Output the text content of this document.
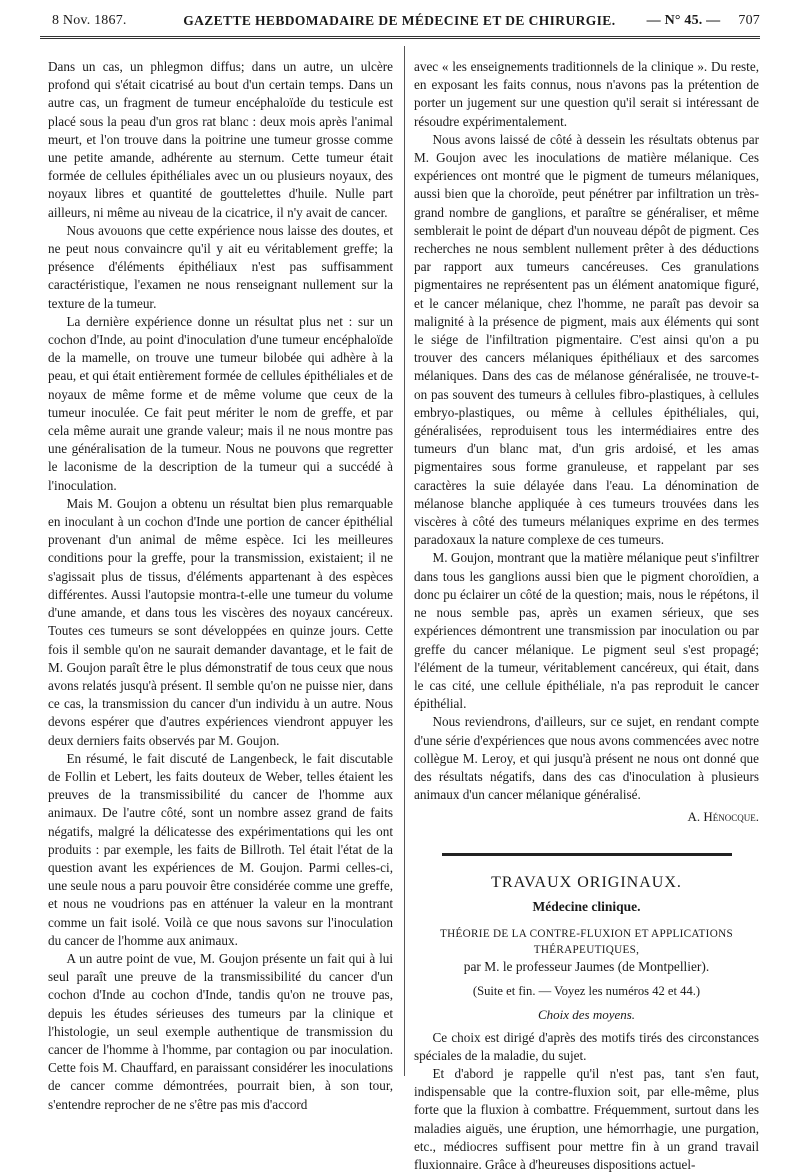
8 Nov. 1867.	GAZETTE HEBDOMADAIRE DE MÉDECINE ET DE CHIRURGIE.	— N° 45. — 707

Dans un cas, un phlegmon diffus; dans un autre, un ulcère profond qui s'était cicatrisé au bout d'un certain temps. Dans un autre cas, un fragment de tumeur encéphaloïde du testicule est placé sous la peau d'un gros rat blanc : deux mois après l'animal meurt, et l'on trouve dans la poitrine une tumeur grosse comme une petite amande, adhérente au sternum. Cette tumeur était formée de cellules épithéliales avec un ou plusieurs noyaux, des noyaux libres et quantité de gouttelettes d'huile. Nulle part ailleurs, ni même au niveau de la cicatrice, il n'y avait de cancer.

Nous avouons que cette expérience nous laisse des doutes, et ne peut nous convaincre qu'il y ait eu véritablement greffe; la présence d'éléments épithéliaux n'est pas suffisamment caractéristique, l'examen ne nous renseignant nullement sur la texture de la tumeur.

La dernière expérience donne un résultat plus net : sur un cochon d'Inde, au point d'inoculation d'une tumeur encéphaloïde de la mamelle, on trouve une tumeur bilobée qui adhère à la peau, et qui était entièrement formée de cellules épithéliales et de noyaux de même forme et de même volume que ceux de la tumeur inoculée. Ce fait peut mériter le nom de greffe, et par cela même aurait une grande valeur; mais il ne nous montre pas une généralisation de la tumeur. Nous ne pouvons que regretter le laconisme de la description de la tumeur qui a succédé à l'inoculation.

Mais M. Goujon a obtenu un résultat bien plus remarquable en inoculant à un cochon d'Inde une portion de cancer épithélial provenant d'un animal de même espèce. Ici les meilleures conditions pour la greffe, pour la transmission, existaient; il ne s'agissait plus de tissus, d'éléments appartenant à des espèces différentes. Aussi l'autopsie montra-t-elle une tumeur du volume d'une amande, et dans tous les viscères des noyaux cancéreux. Toutes ces tumeurs se sont développées en quinze jours. Cette fois il semble qu'on ne saurait demander davantage, et le fait de M. Goujon paraît être le plus démonstratif de tous ceux que nous avons relatés jusqu'à présent. Il semble qu'on ne puisse nier, dans ce cas, la transmission du cancer d'un individu à un autre. Nous devons espérer que d'autres expériences viendront appuyer les deux derniers faits observés par M. Goujon.

En résumé, le fait discuté de Langenbeck, le fait discutable de Follin et Lebert, les faits douteux de Weber, telles étaient les preuves de la transmissibilité du cancer de l'homme aux animaux. De l'autre côté, sont un nombre assez grand de faits négatifs, malgré la délicatesse des expérimentations qui les ont produits : par exemple, les faits de Billroth. Tel était l'état de la question avant les expériences de M. Goujon. Parmi celles-ci, une seule nous a paru pouvoir être considérée comme une greffe, et nous ne voudrions pas en atténuer la valeur en la montrant comme un fait isolé. Voilà ce que nous savons sur l'inoculation du cancer de l'homme aux animaux.

A un autre point de vue, M. Goujon présente un fait qui à lui seul paraît une preuve de la transmissibilité du cancer d'un cochon d'Inde au cochon d'Inde, tandis qu'on ne trouve pas, depuis les études sérieuses des tumeurs par la clinique et l'histologie, un seul exemple authentique de transmission du cancer de l'homme à l'homme, par contagion ou par inoculation. Cette fois M. Chauffard, en paraissant considérer les inoculations de cancer comme démontrées, pourrait bien, à son tour, s'entendre reprocher de ne s'être pas mis d'accord

avec « les enseignements traditionnels de la clinique ». Du reste, en exposant les faits connus, nous n'avons pas la prétention de porter un jugement sur une question qu'il serait si intéressant de résoudre expérimentalement.

Nous avons laissé de côté à dessein les résultats obtenus par M. Goujon avec les inoculations de matière mélanique. Ces expériences ont montré que le pigment de tumeurs mélaniques, aussi bien que la choroïde, peut pénétrer par infiltration un très-grand nombre de ganglions, et paraître se généraliser, et même semblerait le point de départ d'un nouveau dépôt de pigment. Ces recherches ne nous semblent nullement prêter à des déductions par rapport aux tumeurs cancéreuses. Ces granulations pigmentaires ne représentent pas un élément anatomique figuré, et le cancer mélanique, chez l'homme, ne paraît pas devoir sa malignité à la présence de pigment, mais aux éléments qui sont le siége de l'infiltration pigmentaire. C'est ainsi qu'on a pu trouver des cancers mélaniques épithéliaux et des sarcomes mélaniques. Dans des cas de mélanose généralisée, ne trouve-t-on pas souvent des tumeurs à cellules fibro-plastiques, à cellules embryo-plastiques, ou même à cellules épithéliales, qui, généralisées, reproduisent tous les intermédiaires entre des tumeurs d'un blanc mat, d'un gris ardoisé, et les amas pigmentaires sous forme granuleuse, et rappelant par ses caractères la suie délayée dans l'eau. La dénomination de mélanose blanche appliquée à ces tumeurs trouvées dans les viscères à côté des tumeurs mélaniques exprime en des termes paradoxaux la nature complexe de ces tumeurs.

M. Goujon, montrant que la matière mélanique peut s'infiltrer dans tous les ganglions aussi bien que le pigment choroïdien, a donc pu éclairer un côté de la question; mais, nous le répétons, il ne nous semble pas, après un examen sérieux, que ses expériences démontrent une transmission par inoculation ou par greffe du cancer mélanique. Le pigment seul s'est propagé; l'élément de la tumeur, véritablement cancéreux, qui était, dans le cas cité, une cellule épithéliale, n'a pas reproduit le cancer épithélial.

Nous reviendrons, d'ailleurs, sur ce sujet, en rendant compte d'une série d'expériences que nous avons commencées avec notre collègue M. Leroy, et qui jusqu'à présent ne nous ont donné que des résultats négatifs, dans des cas d'inoculation à plusieurs animaux d'un cancer mélanique généralisé.

A. Hénocque.
TRAVAUX ORIGINAUX.
Médecine clinique.
THÉORIE DE LA CONTRE-FLUXION ET APPLICATIONS THÉRAPEUTIQUES,
par M. le professeur Jaumes (de Montpellier).
(Suite et fin. — Voyez les numéros 42 et 44.)
Choix des moyens.

Ce choix est dirigé d'après des motifs tirés des circonstances spéciales de la maladie, du sujet.

Et d'abord je rappelle qu'il n'est pas, tant s'en faut, indispensable que la contre-fluxion soit, par elle-même, plus forte que la fluxion à combattre. Fréquemment, surtout dans les maladies aiguës, une éruption, une hémorrhagie, une purgation, etc., médiocres suffisent pour mettre fin à un grand travail fluxionnaire. Grâce à d'heureuses dispositions actuel-
